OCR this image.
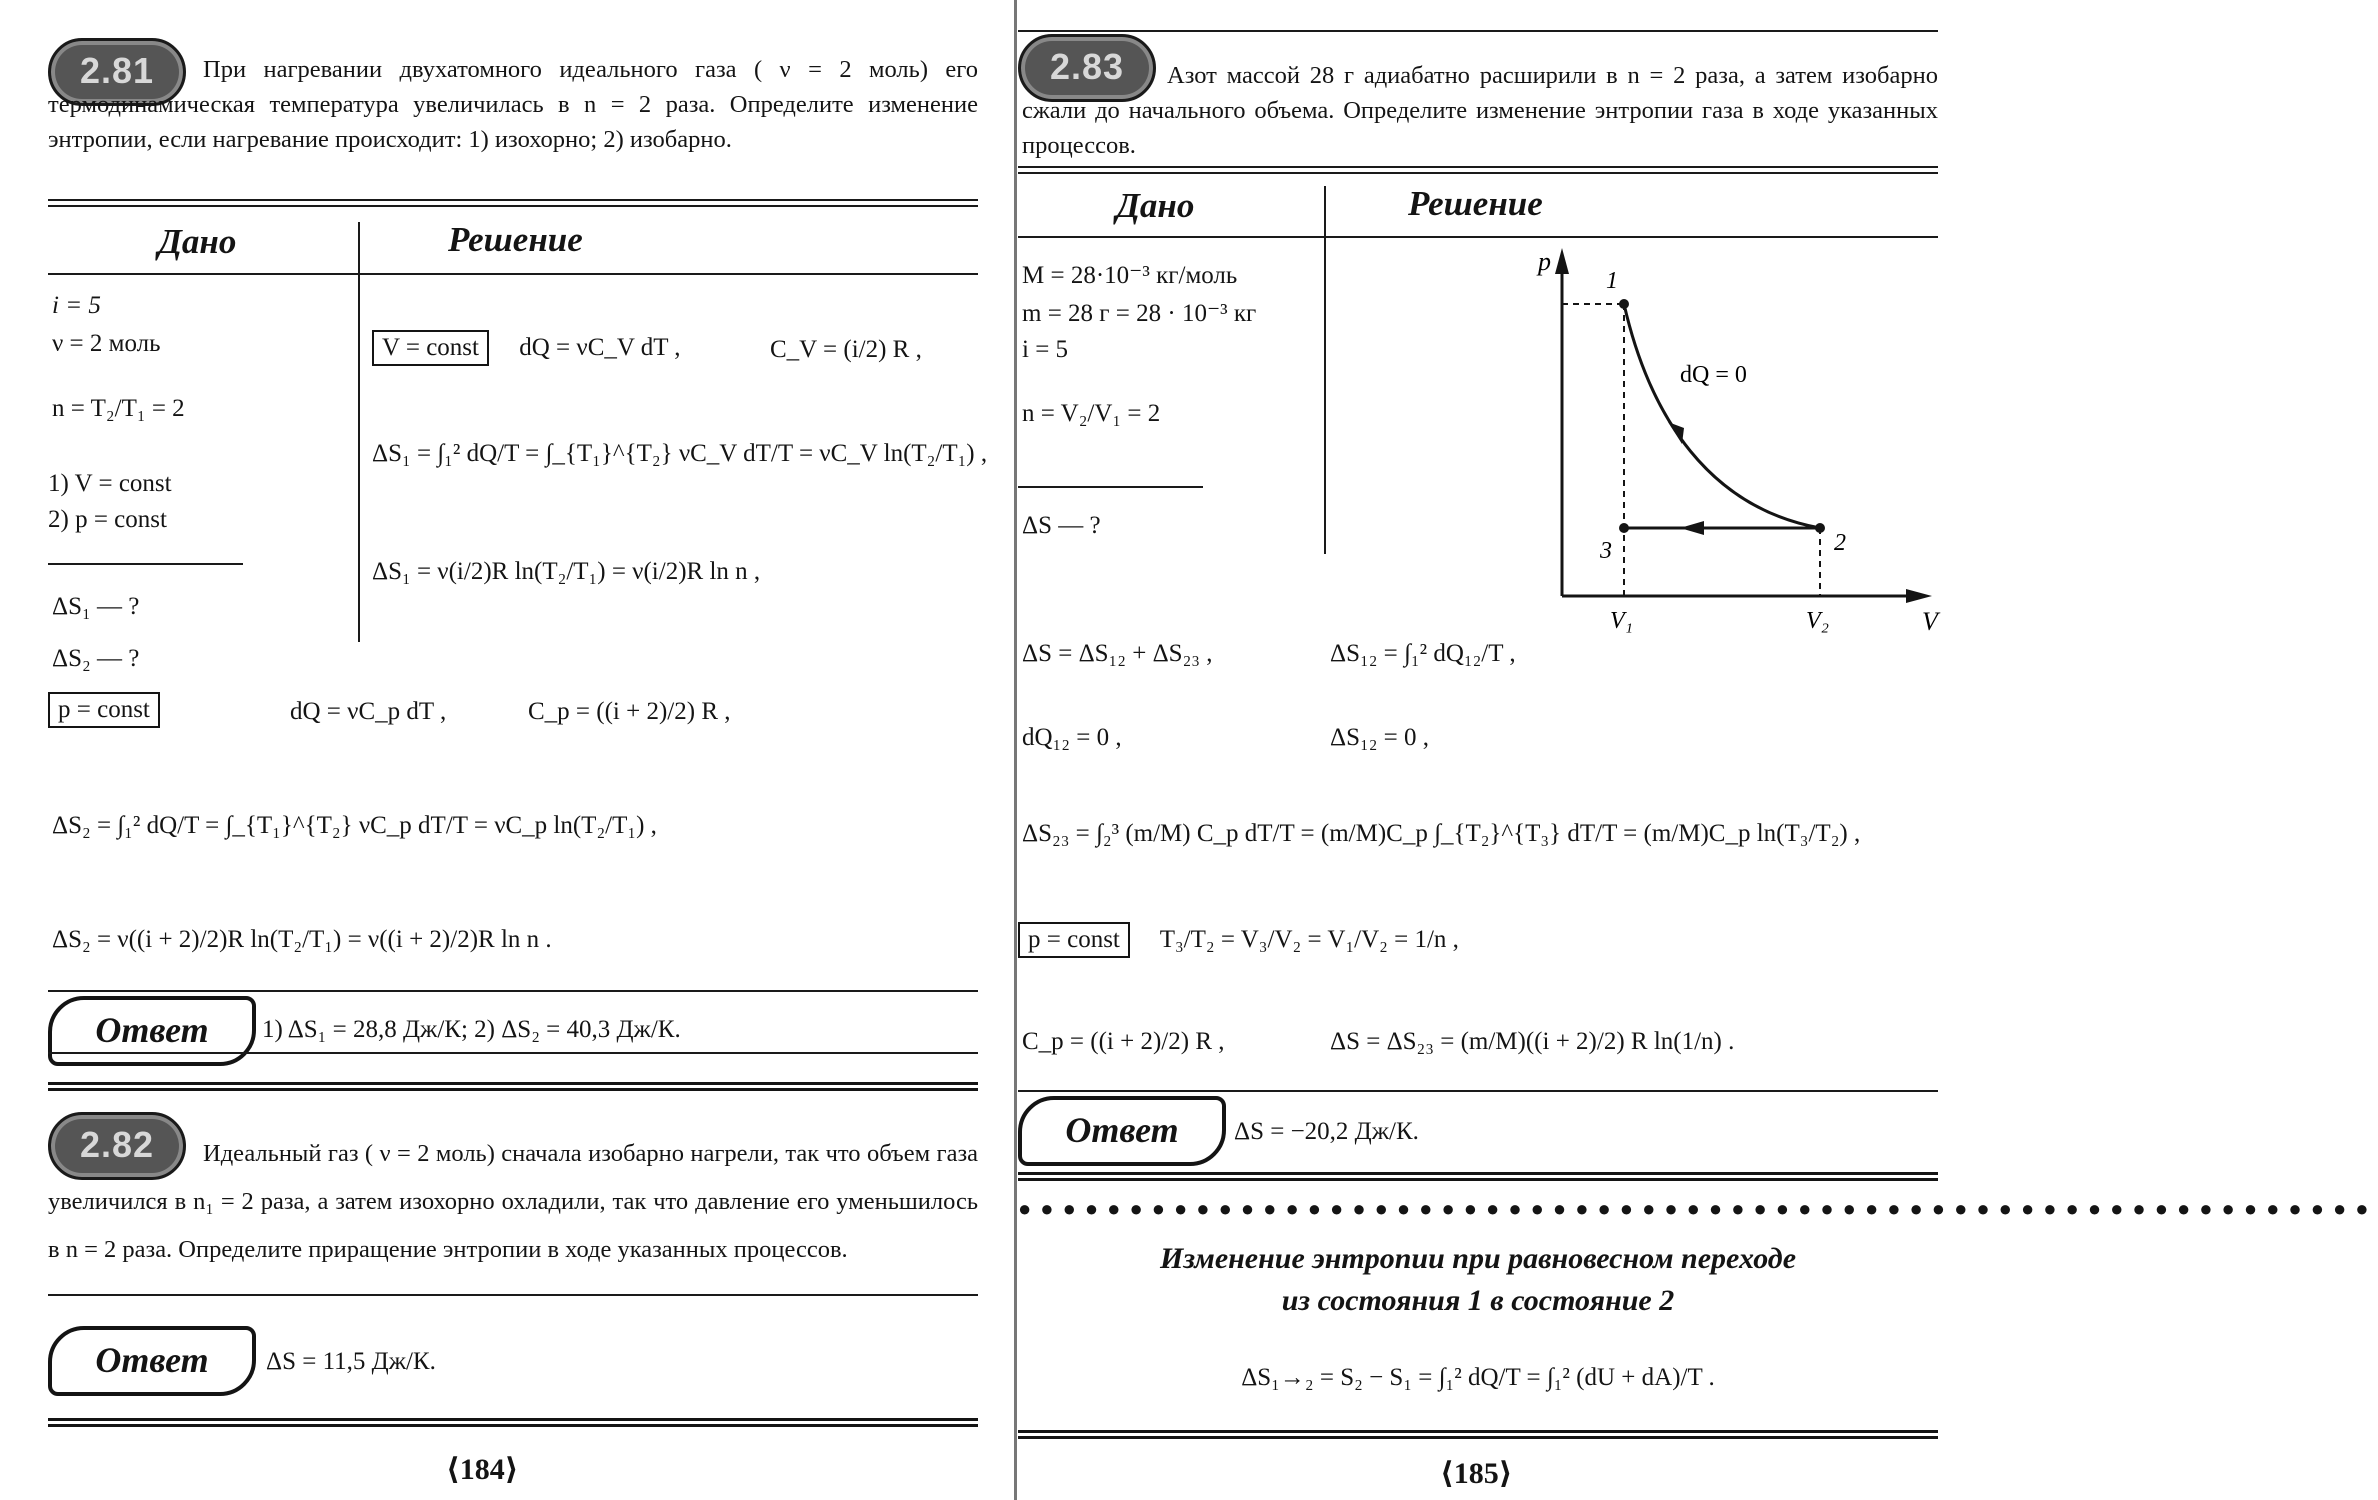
2.81	При нагревании двухатомного идеального газа ( ν = 2 моль) его термодинамическая температура увеличилась в n = 2 раза. Определите изменение энтропии, если нагревание происходит: 1) изохорно; 2) изобарно.
Дано	Решение
i = 5
ν = 2 моль
n = T₂/T₁ = 2
1) V = const
2) p = const
ΔS₁ — ?
ΔS₂ — ?
V = const dQ = νC_V dT ,	C_V = (i/2) R ,
ΔS₁ = ∫₁² dQ/T = ∫_{T₁}^{T₂} νC_V dT/T = νC_V ln(T₂/T₁) ,
ΔS₁ = ν(i/2)R ln(T₂/T₁) = ν(i/2)R ln n ,
p = const	dQ = νC_p dT ,	C_p = ((i + 2)/2) R ,
ΔS₂ = ∫₁² dQ/T = ∫_{T₁}^{T₂} νC_p dT/T = νC_p ln(T₂/T₁) ,
ΔS₂ = ν((i + 2)/2)R ln(T₂/T₁) = ν((i + 2)/2)R ln n .
Ответ	1) ΔS₁ = 28,8 Дж/К; 2) ΔS₂ = 40,3 Дж/К.
2.82	Идеальный газ ( ν = 2 моль) сначала изобарно нагрели, так что объем газа увеличился в n₁ = 2 раза, а затем изохорно охладили, так что давление его уменьшилось в n = 2 раза. Определите приращение энтропии в ходе указанных процессов.
Ответ	ΔS = 11,5 Дж/К.
⟨184⟩
2.83	Азот массой 28 г адиабатно расширили в n = 2 раза, а затем изобарно сжали до начального объема. Определите изменение энтропии газа в ходе указанных процессов.
Дано	Решение
M = 28·10⁻³ кг/моль
m = 28 г = 28 · 10⁻³ кг
i = 5
n = V₂/V₁ = 2
ΔS — ?
p
V
V₁	V₂
1
2
3
dQ = 0
ΔS = ΔS₁₂ + ΔS₂₃ ,	ΔS₁₂ = ∫₁² dQ₁₂/T ,
dQ₁₂ = 0 ,	ΔS₁₂ = 0 ,
ΔS₂₃ = ∫₂³ (m/M) C_p dT/T = (m/M)C_p ∫_{T₂}^{T₃} dT/T = (m/M)C_p ln(T₃/T₂) ,
p = const T₃/T₂ = V₃/V₂ = V₁/V₂ = 1/n ,
C_p = ((i + 2)/2) R ,	ΔS = ΔS₂₃ = (m/M)((i + 2)/2) R ln(1/n) .
Ответ	ΔS = −20,2 Дж/К.
●●●●●●●●●●●●●●●●●●●●●●●●●●●●●●●●●●●●●●●●●●●●●●●●●●●●●●●●●●●●●
Изменение энтропии при равновесном переходе
из состояния 1 в состояние 2
ΔS₁→₂ = S₂ − S₁ = ∫₁² dQ/T = ∫₁² (dU + dA)/T .
⟨185⟩
